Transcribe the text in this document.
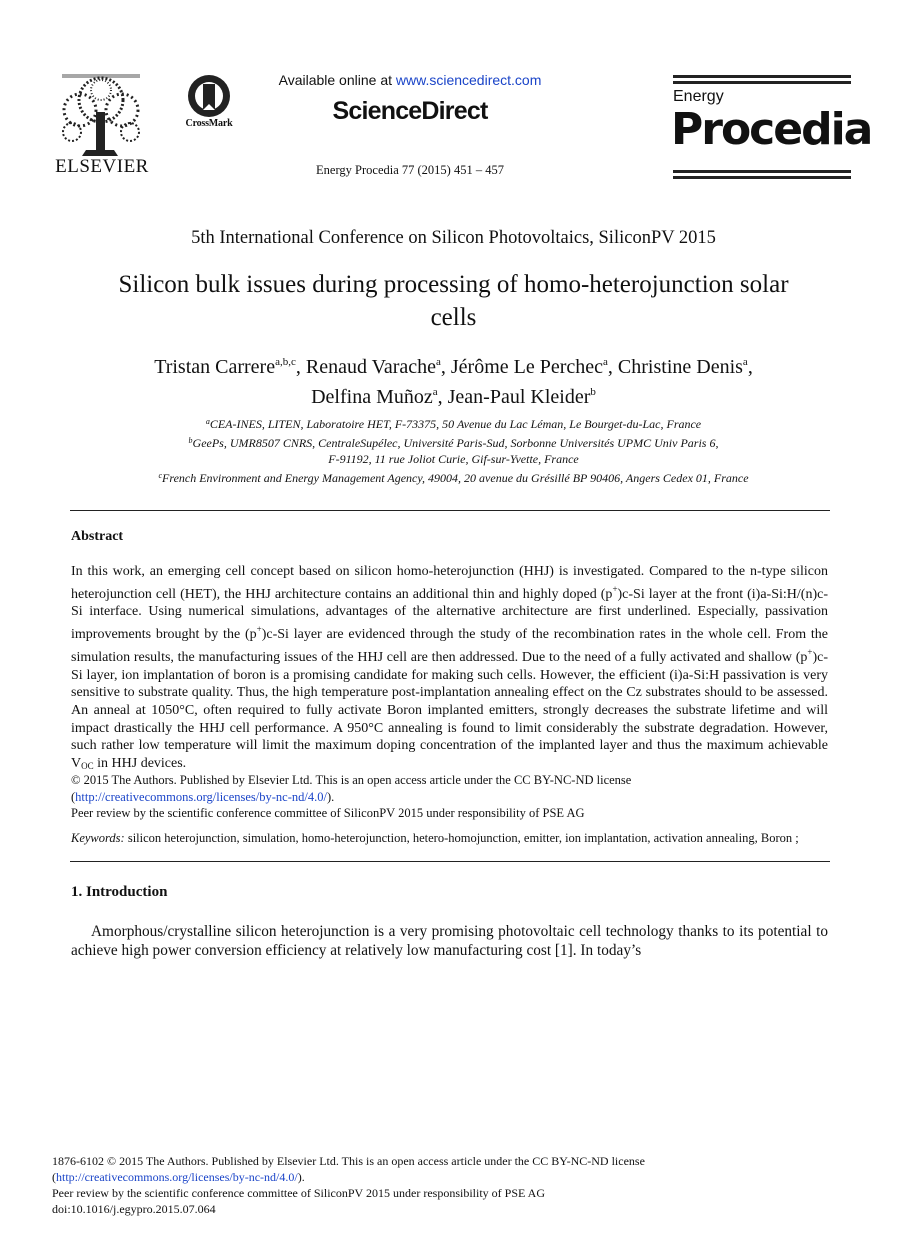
ELSEVIER
CrossMark
Available online at www.sciencedirect.com
ScienceDirect
Energy Procedia 77 (2015) 451 – 457
Energy
Procedia
5th International Conference on Silicon Photovoltaics, SiliconPV 2015
Silicon bulk issues during processing of homo-heterojunction solar
cells
Tristan Carrere$^{a,b,c}$, Renaud Varache$^a$, Jérôme Le Perchec$^a$, Christine Denis$^a$,
Delfina Muñoz$^a$, Jean-Paul Kleider$^b$
$^a$CEA-INES, LITEN, Laboratoire HET, F-73375, 50 Avenue du Lac Léman, Le Bourget-du-Lac, France
$^b$GeePs, UMR8507 CNRS, CentraleSupélec, Université Paris-Sud, Sorbonne Universités UPMC Univ Paris 6,
F-91192, 11 rue Joliot Curie, Gif-sur-Yvette, France
$^c$French Environment and Energy Management Agency, 49004, 20 avenue du Grésillé BP 90406, Angers Cedex 01, France
Abstract
In this work, an emerging cell concept based on silicon homo-heterojunction (HHJ) is investigated. Compared to the n-type silicon heterojunction cell (HET), the HHJ architecture contains an additional thin and highly doped (p+)c-Si layer at the front (i)a-Si:H/(n)c-Si interface. Using numerical simulations, advantages of the alternative architecture are first underlined. Especially, passivation improvements brought by the (p+)c-Si layer are evidenced through the study of the recombination rates in the whole cell. From the simulation results, the manufacturing issues of the HHJ cell are then addressed. Due to the need of a fully activated and shallow (p+)c-Si layer, ion implantation of boron is a promising candidate for making such cells. However, the efficient (i)a-Si:H passivation is very sensitive to substrate quality. Thus, the high temperature post-implantation annealing effect on the Cz substrates should to be assessed. An anneal at 1050°C, often required to fully activate Boron implanted emitters, strongly decreases the substrate lifetime and will impact drastically the HHJ cell performance. A 950°C annealing is found to limit considerably the substrate degradation. However, such rather low temperature will limit the maximum doping concentration of the implanted layer and thus the maximum achievable $V_{OC}$ in HHJ devices.
© 2015 The Authors. Published by Elsevier Ltd. This is an open access article under the CC BY-NC-ND license
(http://creativecommons.org/licenses/by-nc-nd/4.0/).
Peer review by the scientific conference committee of SiliconPV 2015 under responsibility of PSE AG
Keywords: silicon heterojunction, simulation, homo-heterojunction, hetero-homojunction, emitter, ion implantation, activation annealing, Boron ;
1. Introduction
Amorphous/crystalline silicon heterojunction is a very promising photovoltaic cell technology thanks to its potential to achieve high power conversion efficiency at relatively low manufacturing cost [1]. In today’s
1876-6102 © 2015 The Authors. Published by Elsevier Ltd. This is an open access article under the CC BY-NC-ND license
(http://creativecommons.org/licenses/by-nc-nd/4.0/).
Peer review by the scientific conference committee of SiliconPV 2015 under responsibility of PSE AG
doi:10.1016/j.egypro.2015.07.064
